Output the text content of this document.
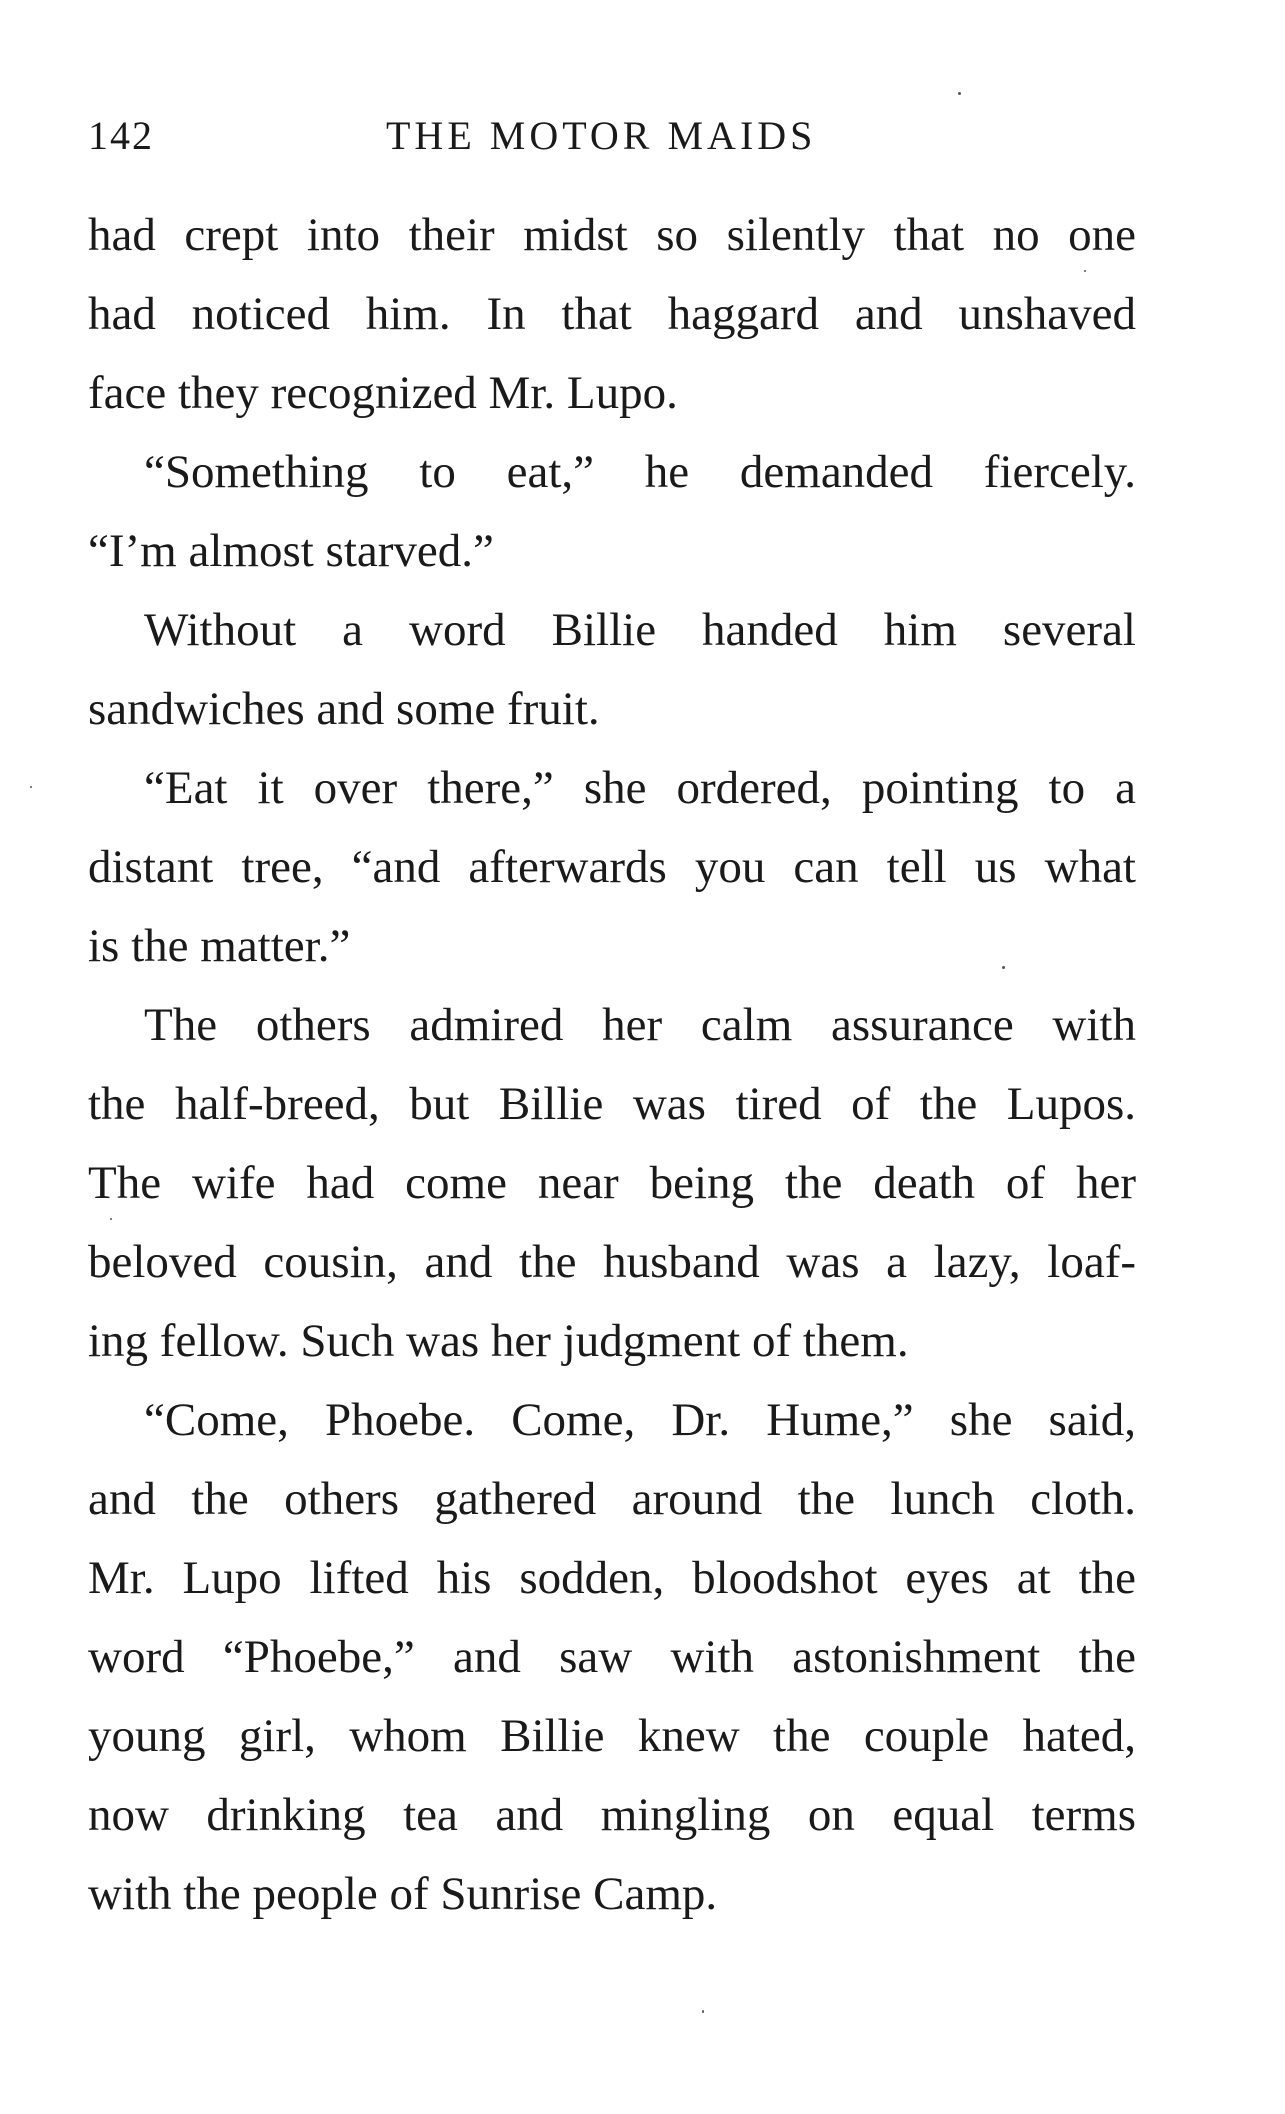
142	THE MOTOR MAIDS
had crept into their midst so silently that no one
had noticed him. In that haggard and unshaved
face they recognized Mr. Lupo.
“Something to eat,” he demanded fiercely.
“I’m almost starved.”
Without a word Billie handed him several
sandwiches and some fruit.
“Eat it over there,” she ordered, pointing to a
distant tree, “and afterwards you can tell us what
is the matter.”
The others admired her calm assurance with
the half-breed, but Billie was tired of the Lupos.
The wife had come near being the death of her
beloved cousin, and the husband was a lazy, loaf-
ing fellow. Such was her judgment of them.
“Come, Phoebe. Come, Dr. Hume,” she said,
and the others gathered around the lunch cloth.
Mr. Lupo lifted his sodden, bloodshot eyes at the
word “Phoebe,” and saw with astonishment the
young girl, whom Billie knew the couple hated,
now drinking tea and mingling on equal terms
with the people of Sunrise Camp.
